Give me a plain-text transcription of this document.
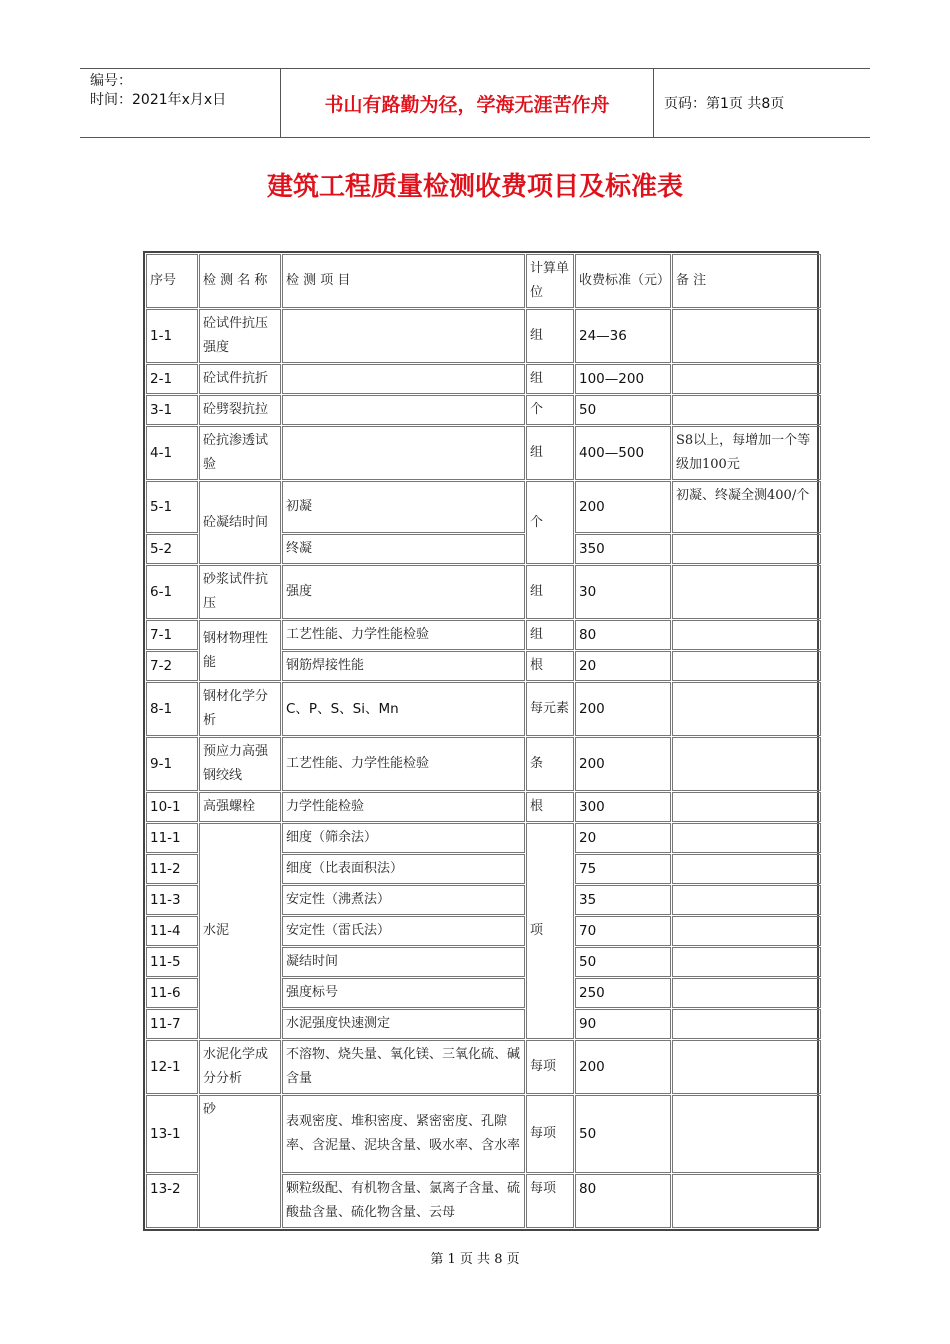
编号：
时间：2021年x月x日	书山有路勤为径，学海无涯苦作舟	页码：第1页 共8页
建筑工程质量检测收费项目及标准表
序号	检 测 名 称	检 测 项 目	计算单位	收费标准（元）	备 注
1-1	砼试件抗压强度		组	24—36	
2-1	砼试件抗折		组	100—200	
3-1	砼劈裂抗拉		个	50	
4-1	砼抗渗透试验		组	400—500	S8以上，每增加一个等级加100元
5-1	砼凝结时间	初凝	个	200	初凝、终凝全测400/个
5-2		终凝		350	
6-1	砂浆试件抗压	强度	组	30	
7-1	钢材物理性能	工艺性能、力学性能检验	组	80	
7-2		钢筋焊接性能	根	20	
8-1	钢材化学分析	C、P、S、Si、Mn	每元素	200	
9-1	预应力高强钢绞线	工艺性能、力学性能检验	条	200	
10-1	高强螺栓	力学性能检验	根	300	
11-1	水泥	细度（筛余法）	项	20	
11-2		细度（比表面积法）		75	
11-3		安定性（沸煮法）		35	
11-4		安定性（雷氏法）		70	
11-5		凝结时间		50	
11-6		强度标号		250	
11-7		水泥强度快速测定		90	
12-1	水泥化学成分分析	不溶物、烧失量、氧化镁、三氧化硫、碱含量	每项	200	
13-1	砂	表观密度、堆积密度、紧密密度、孔隙率、含泥量、泥块含量、吸水率、含水率	每项	50	
13-2		颗粒级配、有机物含量、氯离子含量、硫酸盐含量、硫化物含量、云母	每项	80	
第 1 页 共 8 页
